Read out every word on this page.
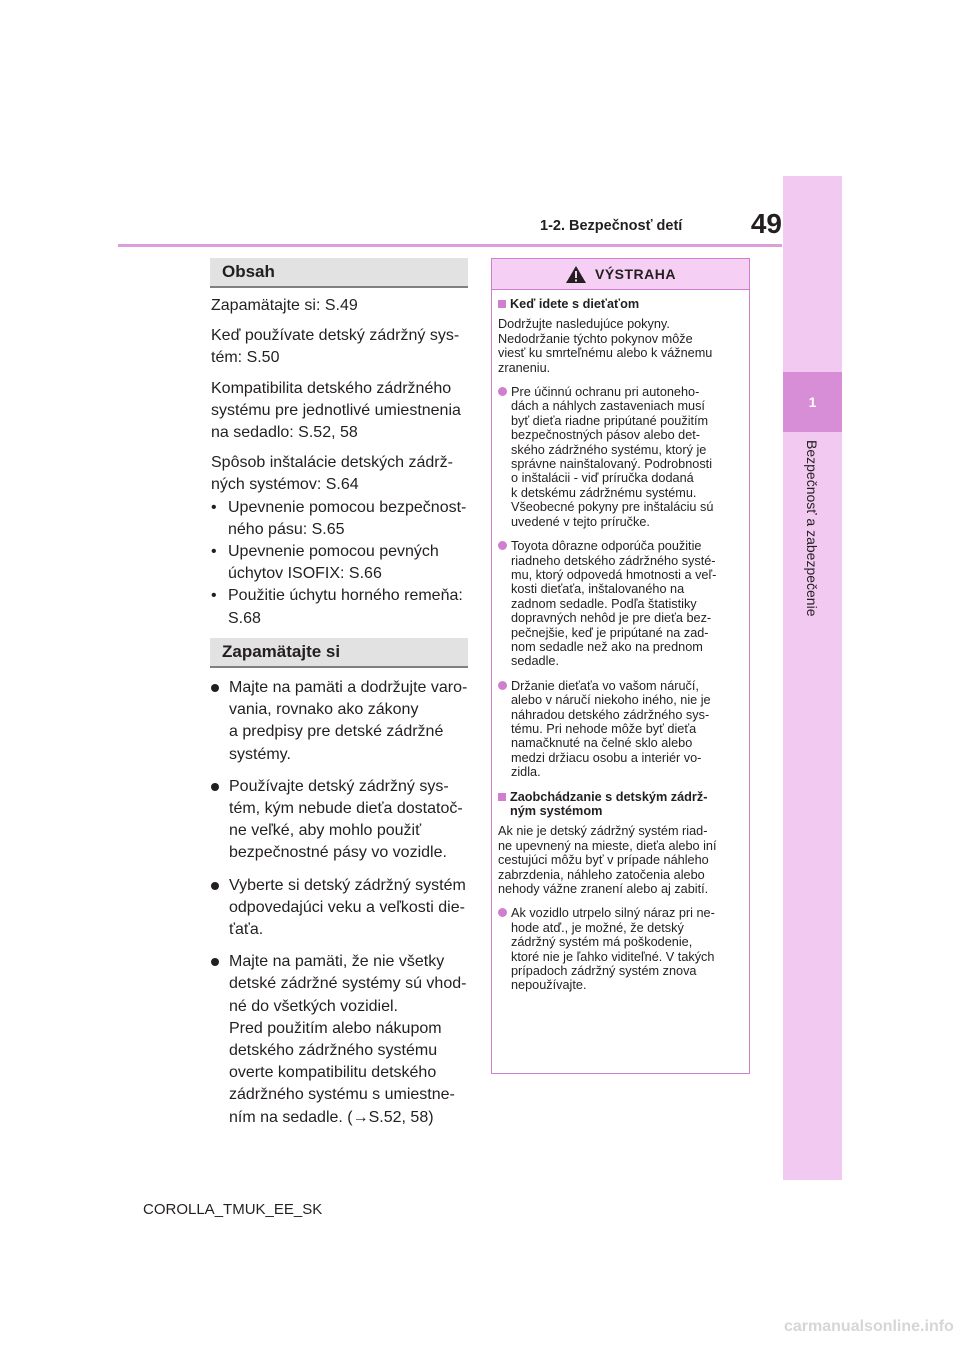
1
Bezpečnosť a zabezpečenie
49
1-2. Bezpečnosť detí
Obsah

Zapamätajte si: S.49

Keď používate detský zádržný sys-
tém: S.50

Kompatibilita detského zádržného
systému pre jednotlivé umiestnenia
na sedadlo: S.52, 58

Spôsob inštalácie detských zádrž-
ných systémov: S.64

• Upevnenie pomocou bezpečnost-
ného pásu: S.65
• Upevnenie pomocou pevných
úchytov ISOFIX: S.66
• Použitie úchytu horného remeňa:
S.68
Zapamätajte si
Majte na pamäti a dodržujte varo-
vania, rovnako ako zákony
a predpisy pre detské zádržné
systémy.
Používajte detský zádržný sys-
tém, kým nebude dieťa dostatoč-
ne veľké, aby mohlo použiť
bezpečnostné pásy vo vozidle.
Vyberte si detský zádržný systém
odpovedajúci veku a veľkosti die-
ťaťa.
Majte na pamäti, že nie všetky
detské zádržné systémy sú vhod-
né do všetkých vozidiel.
Pred použitím alebo nákupom
detského zádržného systému
overte kompatibilitu detského
zádržného systému s umiestne-
ním na sedadle. (→S.52, 58)
VÝSTRAHA
Keď idete s dieťaťom
Dodržujte nasledujúce pokyny.
Nedodržanie týchto pokynov môže
viesť ku smrteľnému alebo k vážnemu
zraneniu.
Pre účinnú ochranu pri autoneho-
dách a náhlych zastaveniach musí
byť dieťa riadne pripútané použitím
bezpečnostných pásov alebo det-
ského zádržného systému, ktorý je
správne nainštalovaný. Podrobnosti
o inštalácii - viď príručka dodaná
k detskému zádržnému systému.
Všeobecné pokyny pre inštaláciu sú
uvedené v tejto príručke.
Toyota dôrazne odporúča použitie
riadneho detského zádržného systé-
mu, ktorý odpovedá hmotnosti a veľ-
kosti dieťaťa, inštalovaného na
zadnom sedadle. Podľa štatistiky
dopravných nehôd je pre dieťa bez-
pečnejšie, keď je pripútané na zad-
nom sedadle než ako na prednom
sedadle.
Držanie dieťaťa vo vašom náručí,
alebo v náručí niekoho iného, nie je
náhradou detského zádržného sys-
tému. Pri nehode môže byť dieťa
namačknuté na čelné sklo alebo
medzi držiacu osobu a interiér vo-
zidla.
Zaobchádzanie s detským zádrž-
ným systémom
Ak nie je detský zádržný systém riad-
ne upevnený na mieste, dieťa alebo iní
cestujúci môžu byť v prípade náhleho
zabrzdenia, náhleho zatočenia alebo
nehody vážne zranení alebo aj zabití.
Ak vozidlo utrpelo silný náraz pri ne-
hode atď., je možné, že detský
zádržný systém má poškodenie,
ktoré nie je ľahko viditeľné. V takých
prípadoch zádržný systém znova
nepoužívajte.
COROLLA_TMUK_EE_SK
carmanualsonline.info
